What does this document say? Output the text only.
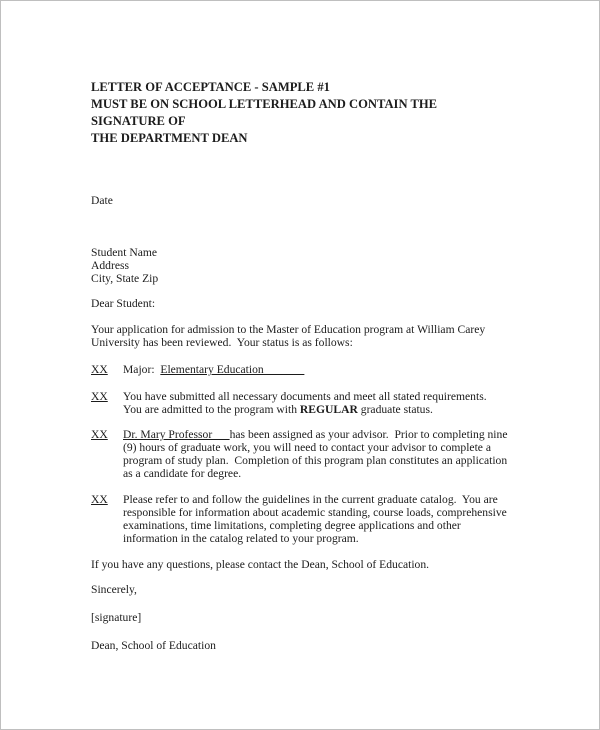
LETTER OF ACCEPTANCE - SAMPLE #1
MUST BE ON SCHOOL LETTERHEAD AND CONTAIN THE SIGNATURE OF
THE DEPARTMENT DEAN
Date
Student Name
Address
City, State Zip
Dear Student:
Your application for admission to the Master of Education program at William Carey University has been reviewed.  Your status is as follows:
XX	Major:  Elementary Education_______
XX	You have submitted all necessary documents and meet all stated requirements.  You are admitted to the program with REGULAR graduate status.
XX	Dr. Mary Professor      has been assigned as your advisor.  Prior to completing nine (9) hours of graduate work, you will need to contact your advisor to complete a program of study plan.  Completion of this program plan constitutes an application as a candidate for degree.
XX	Please refer to and follow the guidelines in the current graduate catalog.  You are responsible for information about academic standing, course loads, comprehensive examinations, time limitations, completing degree applications and other information in the catalog related to your program.
If you have any questions, please contact the Dean, School of Education.
Sincerely,
[signature]
Dean, School of Education
